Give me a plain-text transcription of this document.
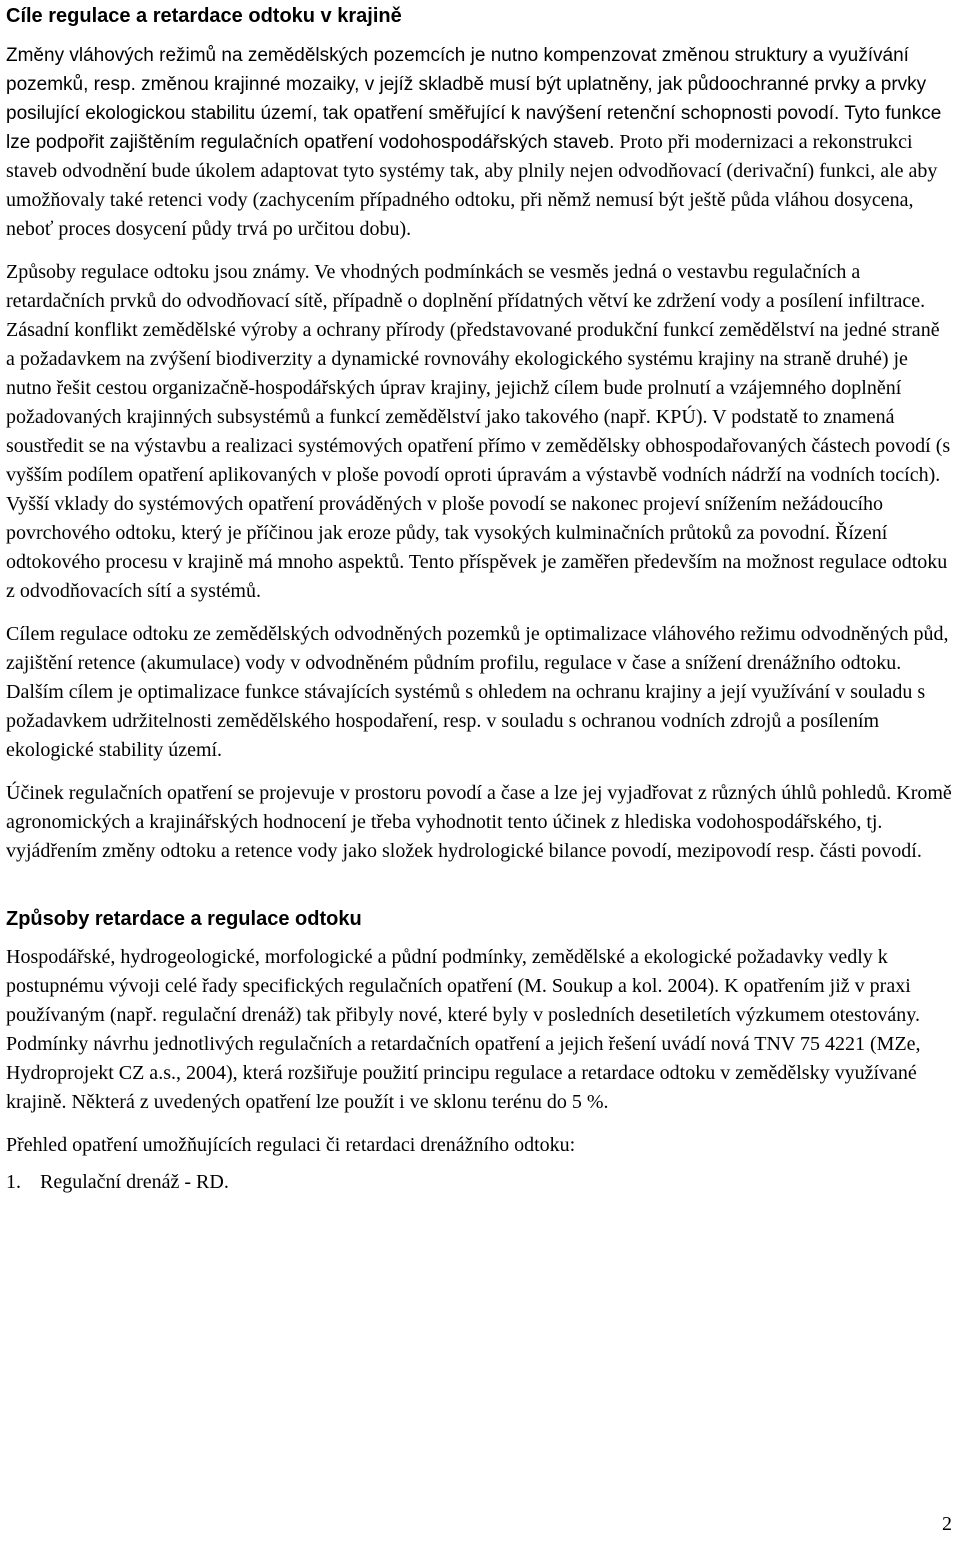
Cíle regulace a retardace odtoku v krajině

Změny vláhových režimů na zemědělských pozemcích je nutno kompenzovat změnou struktury a využívání pozemků, resp. změnou krajinné mozaiky, v jejíž skladbě musí být uplatněny, jak půdoochranné prvky a prvky posilující ekologickou stabilitu území, tak opatření směřující k navýšení retenční schopnosti povodí. Tyto funkce lze podpořit zajištěním regulačních opatření vodohospodářských staveb. Proto při modernizaci a rekonstrukci staveb odvodnění bude úkolem adaptovat tyto systémy tak, aby plnily nejen odvodňovací (derivační) funkci, ale aby umožňovaly také retenci vody (zachycením případného odtoku, při němž nemusí být ještě půda vláhou dosycena, neboť proces dosycení půdy trvá po určitou dobu).

Způsoby regulace odtoku jsou známy. Ve vhodných podmínkách se vesměs jedná o vestavbu regulačních a retardačních prvků do odvodňovací sítě, případně o doplnění přídatných větví ke zdržení vody a posílení infiltrace. Zásadní konflikt zemědělské výroby a ochrany přírody (představované produkční funkcí zemědělství na jedné straně a požadavkem na zvýšení biodiverzity a dynamické rovnováhy ekologického systému krajiny na straně druhé) je nutno řešit cestou organizačně-hospodářských úprav krajiny, jejichž cílem bude prolnutí a vzájemného doplnění požadovaných krajinných subsystémů a funkcí zemědělství jako takového (např. KPÚ). V podstatě to znamená soustředit se na výstavbu a realizaci systémových opatření přímo v zemědělsky obhospodařovaných částech povodí (s vyšším podílem opatření aplikovaných v ploše povodí oproti úpravám a výstavbě vodních nádrží na vodních tocích). Vyšší vklady do systémových opatření prováděných v ploše povodí se nakonec projeví snížením nežádoucího povrchového odtoku, který je příčinou jak eroze půdy, tak vysokých kulminačních průtoků za povodní. Řízení odtokového procesu v krajině má mnoho aspektů. Tento příspěvek je zaměřen především na možnost regulace odtoku z odvodňovacích sítí a systémů.

Cílem regulace odtoku ze zemědělských odvodněných pozemků je optimalizace vláhového režimu odvodněných půd, zajištění retence (akumulace) vody v odvodněném půdním profilu, regulace v čase a snížení drenážního odtoku. Dalším cílem je optimalizace funkce stávajících systémů s ohledem na ochranu krajiny a její využívání v souladu s požadavkem udržitelnosti zemědělského hospodaření, resp. v souladu s ochranou vodních zdrojů a posílením ekologické stability území.

Účinek regulačních opatření se projevuje v prostoru povodí a čase a lze jej vyjadřovat z různých úhlů pohledů. Kromě agronomických a krajinářských hodnocení je třeba vyhodnotit tento účinek z hlediska vodohospodářského, tj. vyjádřením změny odtoku a retence vody jako složek hydrologické bilance povodí, mezipovodí resp. části povodí.

Způsoby retardace a regulace odtoku

Hospodářské, hydrogeologické, morfologické a půdní podmínky, zemědělské a ekologické požadavky vedly k postupnému vývoji celé řady specifických regulačních opatření (M. Soukup a kol. 2004). K opatřením již v praxi používaným (např. regulační drenáž) tak přibyly nové, které byly v posledních desetiletích výzkumem otestovány. Podmínky návrhu jednotlivých regulačních a retardačních opatření a jejich řešení uvádí nová TNV 75 4221 (MZe, Hydroprojekt CZ a.s., 2004), která rozšiřuje použití principu regulace a retardace odtoku v zemědělsky využívané krajině. Některá z uvedených opatření lze použít i ve sklonu terénu do 5 %.

Přehled opatření umožňujících regulaci či retardaci drenážního odtoku:

1. Regulační drenáž - RD.
2
